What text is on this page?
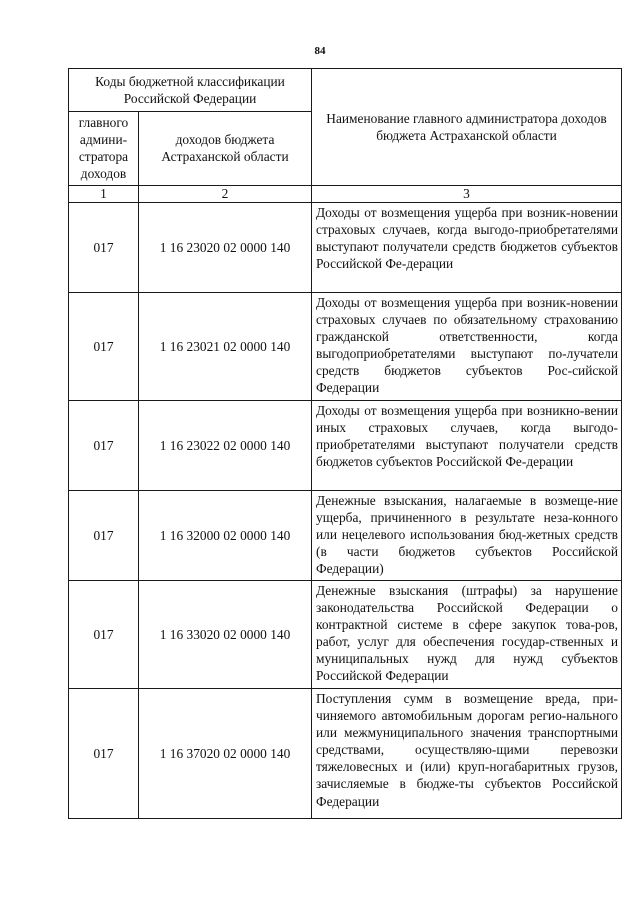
84
Коды бюджетной классификации Российской Федерации		Наименование главного администратора доходов бюджета Астраханской области
главного админи-стратора доходов	доходов бюджета Астраханской области	
1	2	3
017	1 16 23020 02 0000 140	Доходы от возмещения ущерба при возник-новении страховых случаев, когда выгодо-приобретателями выступают получатели средств бюджетов субъектов Российской Фе-дерации
017	1 16 23021 02 0000 140	Доходы от возмещения ущерба при возник-новении страховых случаев по обязательному страхованию гражданской ответственности, когда выгодоприобретателями выступают по-лучатели средств бюджетов субъектов Рос-сийской Федерации
017	1 16 23022 02 0000 140	Доходы от возмещения ущерба при возникно-вении иных страховых случаев, когда выгодо-приобретателями выступают получатели средств бюджетов субъектов Российской Фе-дерации
017	1 16 32000 02 0000 140	Денежные взыскания, налагаемые в возмеще-ние ущерба, причиненного в результате неза-конного или нецелевого использования бюд-жетных средств (в части бюджетов субъектов Российской Федерации)
017	1 16 33020 02 0000 140	Денежные взыскания (штрафы) за нарушение законодательства Российской Федерации о контрактной системе в сфере закупок това-ров, работ, услуг для обеспечения государ-ственных и муниципальных нужд для нужд субъектов Российской Федерации
017	1 16 37020 02 0000 140	Поступления сумм в возмещение вреда, при-чиняемого автомобильным дорогам регио-нального или межмуниципального значения транспортными средствами, осуществляю-щими перевозки тяжеловесных и (или) круп-ногабаритных грузов, зачисляемые в бюдже-ты субъектов Российской Федерации
